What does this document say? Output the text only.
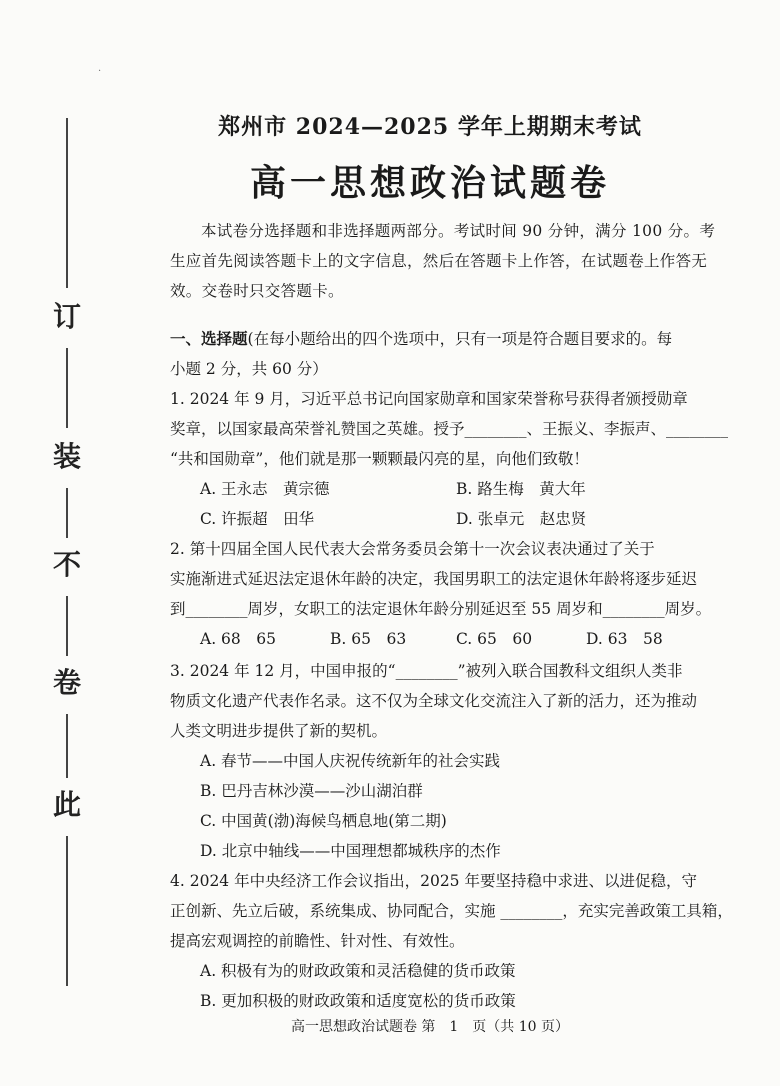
·
订
装
不
卷
此
郑州市 2024—2025 学年上期期末考试
高一思想政治试题卷
本试卷分选择题和非选择题两部分。考试时间 90 分钟，满分 100 分。考生应首先阅读答题卡上的文字信息，然后在答题卡上作答，在试题卷上作答无效。交卷时只交答题卡。
一、选择题(在每小题给出的四个选项中，只有一项是符合题目要求的。每
小题 2 分，共 60 分）
1. 2024 年 9 月，习近平总书记向国家勋章和国家荣誉称号获得者颁授勋章
奖章，以国家最高荣誉礼赞国之英雄。授予________、王振义、李振声、________
“共和国勋章”，他们就是那一颗颗最闪亮的星，向他们致敬！
A. 王永志　黄宗德	B. 路生梅　黄大年
C. 许振超　田华	D. 张卓元　赵忠贤
2. 第十四届全国人民代表大会常务委员会第十一次会议表决通过了关于
实施渐进式延迟法定退休年龄的决定，我国男职工的法定退休年龄将逐步延迟
到________周岁，女职工的法定退休年龄分别延迟至 55 周岁和________周岁。
A. 68　65	B. 65　63	C. 65　60	D. 63　58
3. 2024 年 12 月，中国申报的“________”被列入联合国教科文组织人类非
物质文化遗产代表作名录。这不仅为全球文化交流注入了新的活力，还为推动
人类文明进步提供了新的契机。
A. 春节——中国人庆祝传统新年的社会实践
B. 巴丹吉林沙漠——沙山湖泊群
C. 中国黄(渤)海候鸟栖息地(第二期)
D. 北京中轴线——中国理想都城秩序的杰作
4. 2024 年中央经济工作会议指出，2025 年要坚持稳中求进、以进促稳，守
正创新、先立后破，系统集成、协同配合，实施 ________，充实完善政策工具箱，
提高宏观调控的前瞻性、针对性、有效性。
A. 积极有为的财政政策和灵活稳健的货币政策
B. 更加积极的财政政策和适度宽松的货币政策
高一思想政治试题卷 第　1　页（共 10 页）
